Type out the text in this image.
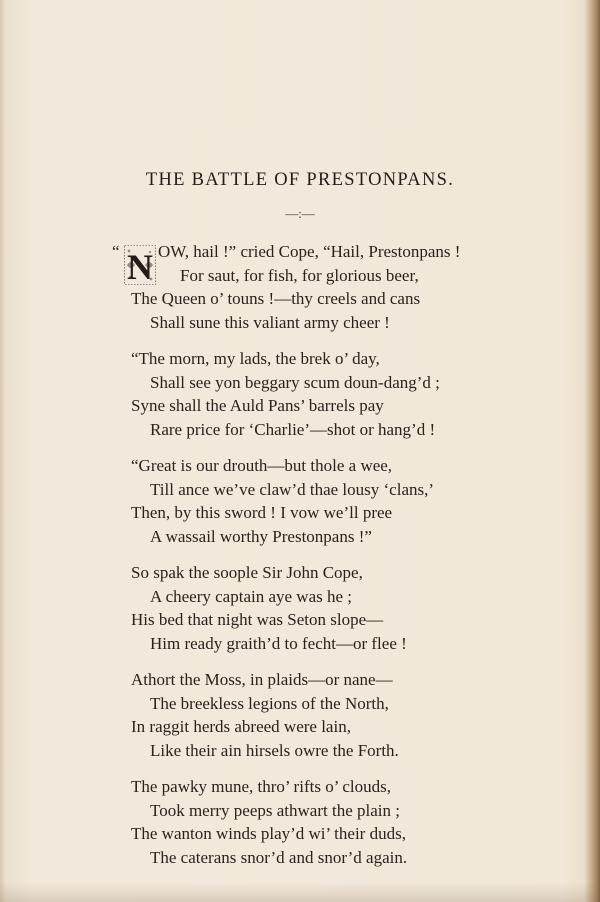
THE BATTLE OF PRESTONPANS.
—:—
“ N OW, hail !” cried Cope, “Hail, Prestonpans !
For saut, for fish, for glorious beer,
The Queen o’ touns !—thy creels and cans
Shall sune this valiant army cheer !
“The morn, my lads, the brek o’ day,
Shall see yon beggary scum doun-dang’d ;
Syne shall the Auld Pans’ barrels pay
Rare price for ‘Charlie’—shot or hang’d !
“Great is our drouth—but thole a wee,
Till ance we’ve claw’d thae lousy ‘clans,’
Then, by this sword ! I vow we’ll pree
A wassail worthy Prestonpans !”
So spak the soople Sir John Cope,
A cheery captain aye was he ;
His bed that night was Seton slope—
Him ready graith’d to fecht—or flee !
Athort the Moss, in plaids—or nane—
The breekless legions of the North,
In raggit herds abreed were lain,
Like their ain hirsels owre the Forth.
The pawky mune, thro’ rifts o’ clouds,
Took merry peeps athwart the plain ;
The wanton winds play’d wi’ their duds,
The caterans snor’d and snor’d again.
